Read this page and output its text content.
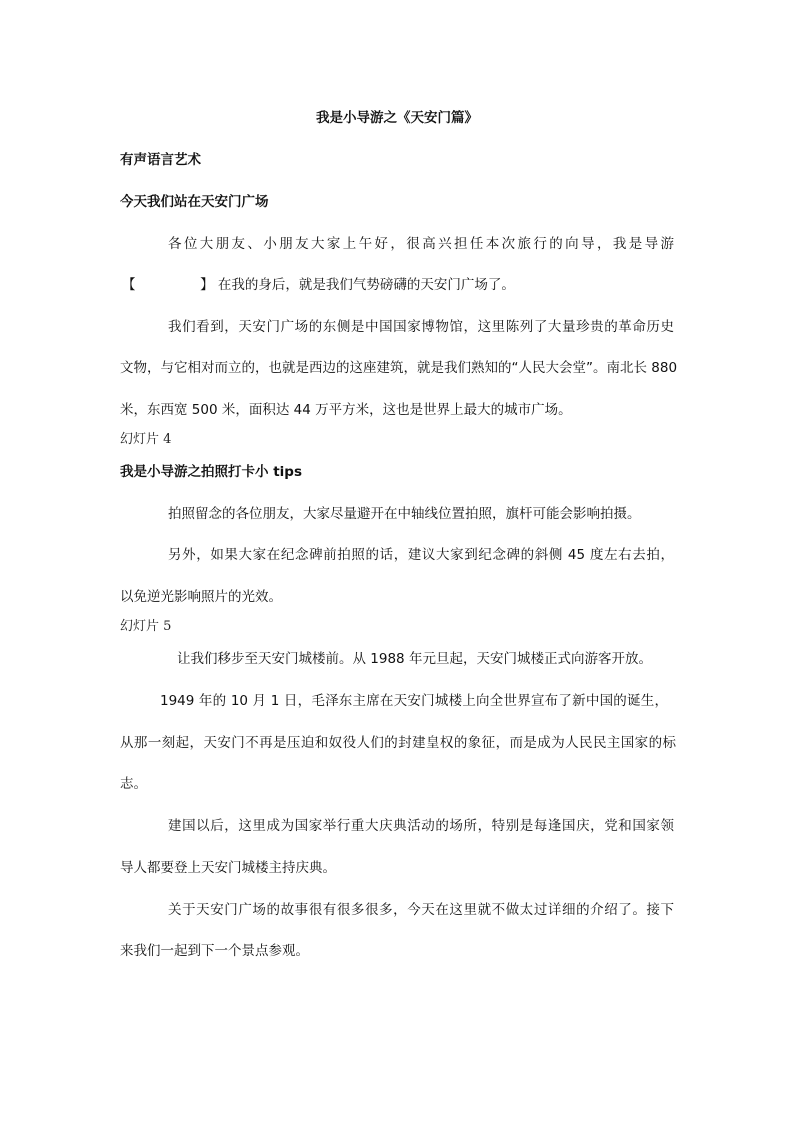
我是小导游之《天安门篇》
有声语言艺术
今天我们站在天安门广场
各位大朋友、小朋友大家上午好，很高兴担任本次旅行的向导，我是导游
【	】 在我的身后，就是我们气势磅礴的天安门广场了。
我们看到，天安门广场的东侧是中国国家博物馆，这里陈列了大量珍贵的革命历史
文物，与它相对而立的，也就是西边的这座建筑，就是我们熟知的“人民大会堂”。南北长 880
米，东西宽 500 米，面积达 44 万平方米，这也是世界上最大的城市广场。
幻灯片 4
我是小导游之拍照打卡小 tips
拍照留念的各位朋友，大家尽量避开在中轴线位置拍照，旗杆可能会影响拍摄。
另外，如果大家在纪念碑前拍照的话，建议大家到纪念碑的斜侧 45 度左右去拍，
以免逆光影响照片的光效。
幻灯片 5
让我们移步至天安门城楼前。从 1988 年元旦起，天安门城楼正式向游客开放。
1949 年的 10 月 1 日，毛泽东主席在天安门城楼上向全世界宣布了新中国的诞生，
从那一刻起，天安门不再是压迫和奴役人们的封建皇权的象征，而是成为人民民主国家的标
志。
建国以后，这里成为国家举行重大庆典活动的场所，特别是每逢国庆，党和国家领
导人都要登上天安门城楼主持庆典。
关于天安门广场的故事很有很多很多，今天在这里就不做太过详细的介绍了。接下
来我们一起到下一个景点参观。
